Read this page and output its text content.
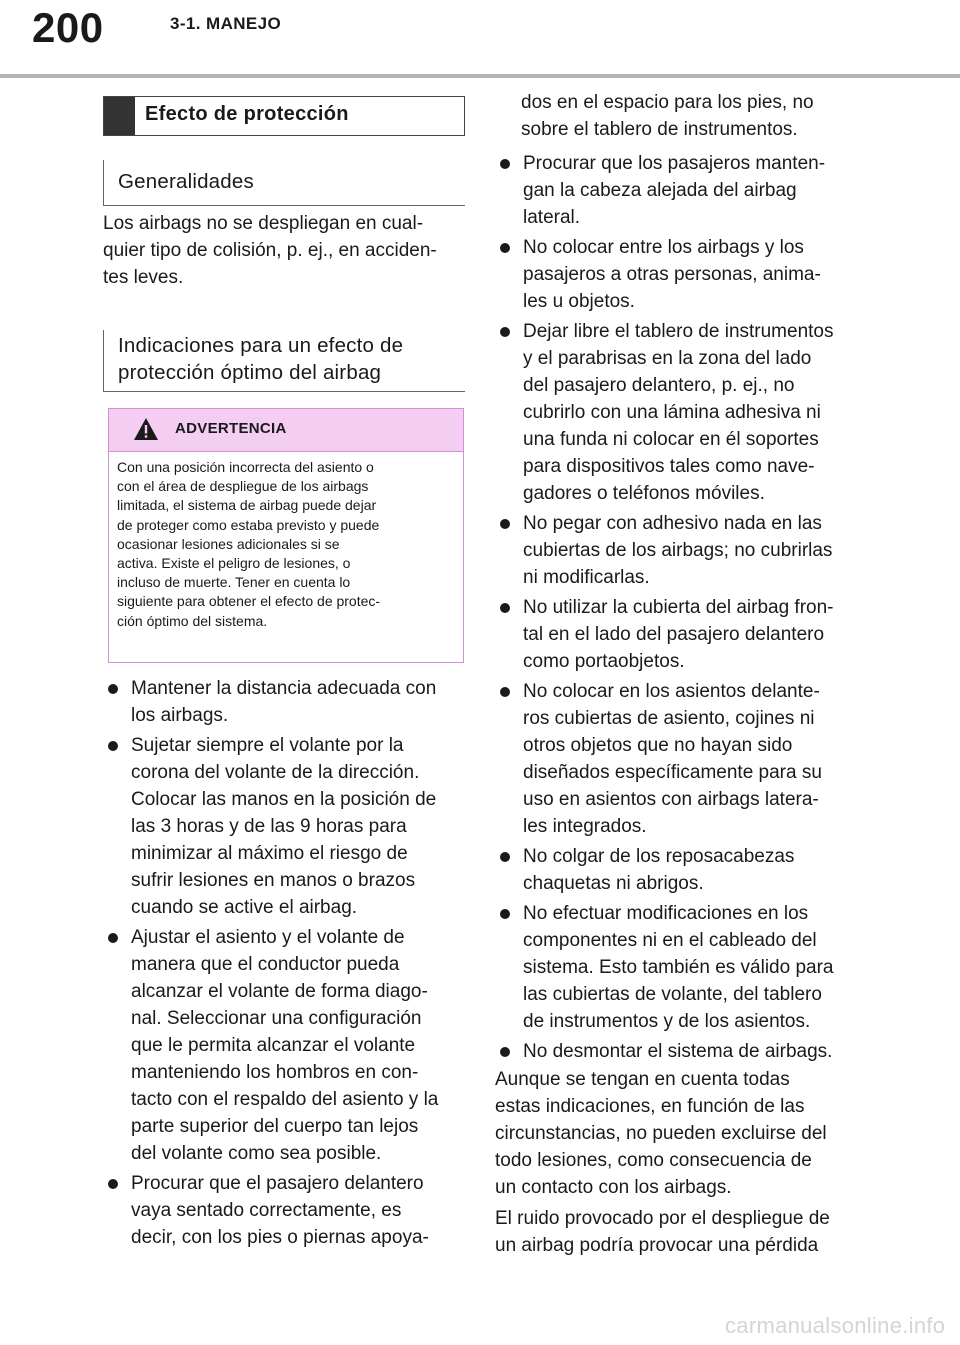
200	3-1. MANEJO
Efecto de protección
Generalidades
Los airbags no se despliegan en cual-
quier tipo de colisión, p. ej., en acciden-
tes leves.
Indicaciones para un efecto de
protección óptimo del airbag
ADVERTENCIA
Con una posición incorrecta del asiento o
con el área de despliegue de los airbags
limitada, el sistema de airbag puede dejar
de proteger como estaba previsto y puede
ocasionar lesiones adicionales si se
activa. Existe el peligro de lesiones, o
incluso de muerte. Tener en cuenta lo
siguiente para obtener el efecto de protec-
ción óptimo del sistema.
Mantener la distancia adecuada con
los airbags.
Sujetar siempre el volante por la
corona del volante de la dirección.
Colocar las manos en la posición de
las 3 horas y de las 9 horas para
minimizar al máximo el riesgo de
sufrir lesiones en manos o brazos
cuando se active el airbag.
Ajustar el asiento y el volante de
manera que el conductor pueda
alcanzar el volante de forma diago-
nal. Seleccionar una configuración
que le permita alcanzar el volante
manteniendo los hombros en con-
tacto con el respaldo del asiento y la
parte superior del cuerpo tan lejos
del volante como sea posible.
Procurar que el pasajero delantero
vaya sentado correctamente, es
decir, con los pies o piernas apoya-
dos en el espacio para los pies, no
sobre el tablero de instrumentos.
Procurar que los pasajeros manten-
gan la cabeza alejada del airbag
lateral.
No colocar entre los airbags y los
pasajeros a otras personas, anima-
les u objetos.
Dejar libre el tablero de instrumentos
y el parabrisas en la zona del lado
del pasajero delantero, p. ej., no
cubrirlo con una lámina adhesiva ni
una funda ni colocar en él soportes
para dispositivos tales como nave-
gadores o teléfonos móviles.
No pegar con adhesivo nada en las
cubiertas de los airbags; no cubrirlas
ni modificarlas.
No utilizar la cubierta del airbag fron-
tal en el lado del pasajero delantero
como portaobjetos.
No colocar en los asientos delante-
ros cubiertas de asiento, cojines ni
otros objetos que no hayan sido
diseñados específicamente para su
uso en asientos con airbags latera-
les integrados.
No colgar de los reposacabezas
chaquetas ni abrigos.
No efectuar modificaciones en los
componentes ni en el cableado del
sistema. Esto también es válido para
las cubiertas de volante, del tablero
de instrumentos y de los asientos.
No desmontar el sistema de airbags.
Aunque se tengan en cuenta todas
estas indicaciones, en función de las
circunstancias, no pueden excluirse del
todo lesiones, como consecuencia de
un contacto con los airbags.
El ruido provocado por el despliegue de
un airbag podría provocar una pérdida
carmanualsonline.info
